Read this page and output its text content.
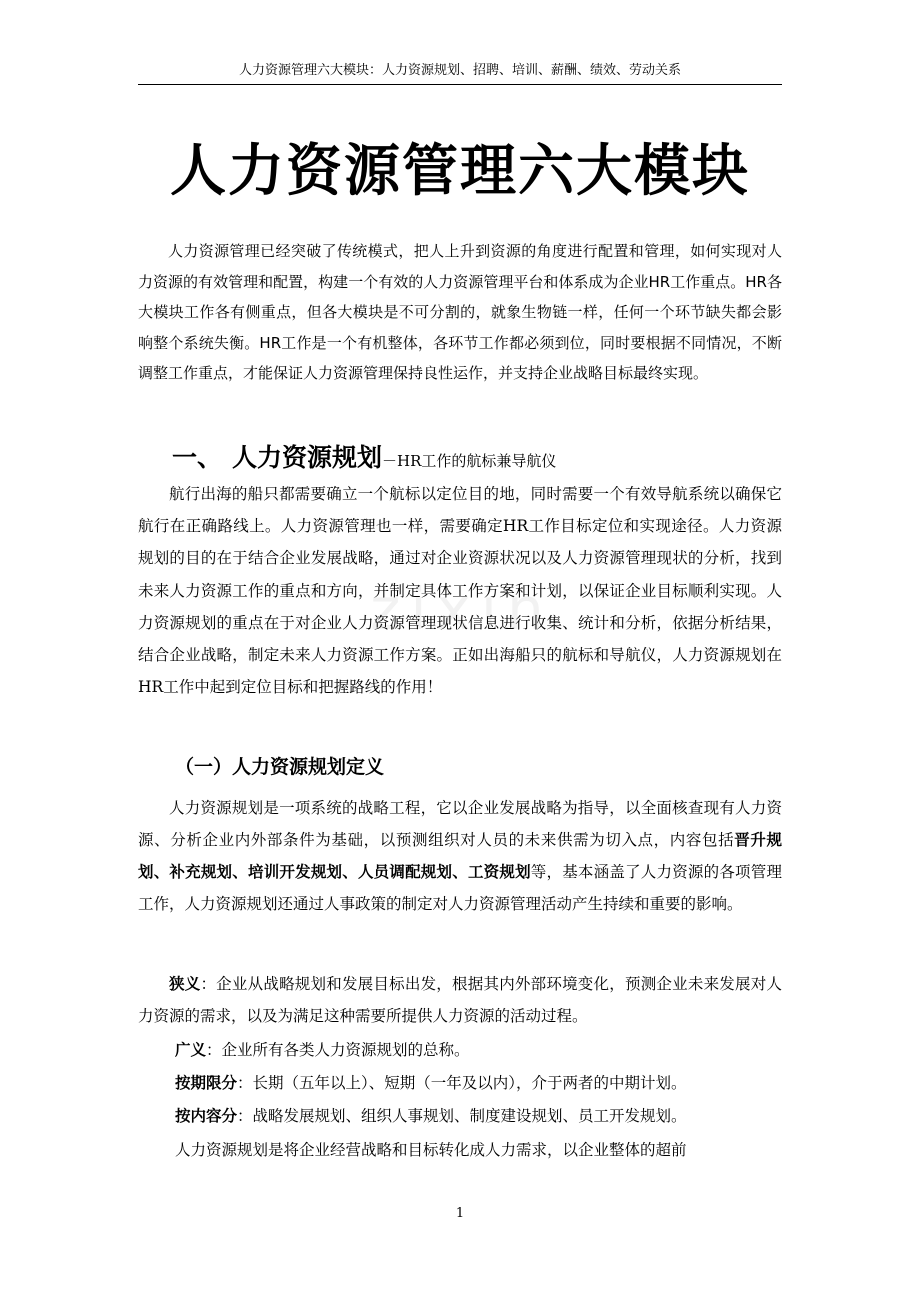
人力资源管理六大模块：人力资源规划、招聘、培训、薪酬、绩效、劳动关系
人力资源管理六大模块

人力资源管理已经突破了传统模式，把人上升到资源的角度进行配置和管理，如何实现对人力资源的有效管理和配置，构建一个有效的人力资源管理平台和体系成为企业HR工作重点。HR各大模块工作各有侧重点，但各大模块是不可分割的，就象生物链一样，任何一个环节缺失都会影响整个系统失衡。HR工作是一个有机整体，各环节工作都必须到位，同时要根据不同情况，不断调整工作重点，才能保证人力资源管理保持良性运作，并支持企业战略目标最终实现。

一、 人力资源规划－HR工作的航标兼导航仪

航行出海的船只都需要确立一个航标以定位目的地，同时需要一个有效导航系统以确保它航行在正确路线上。人力资源管理也一样，需要确定HR工作目标定位和实现途径。人力资源规划的目的在于结合企业发展战略，通过对企业资源状况以及人力资源管理现状的分析，找到未来人力资源工作的重点和方向，并制定具体工作方案和计划，以保证企业目标顺利实现。人力资源规划的重点在于对企业人力资源管理现状信息进行收集、统计和分析，依据分析结果，结合企业战略，制定未来人力资源工作方案。正如出海船只的航标和导航仪，人力资源规划在HR工作中起到定位目标和把握路线的作用！

zixin
（一）人力资源规划定义

人力资源规划是一项系统的战略工程，它以企业发展战略为指导，以全面核查现有人力资源、分析企业内外部条件为基础，以预测组织对人员的未来供需为切入点，内容包括晋升规划、补充规划、培训开发规划、人员调配规划、工资规划等，基本涵盖了人力资源的各项管理工作，人力资源规划还通过人事政策的制定对人力资源管理活动产生持续和重要的影响。

狭义：企业从战略规划和发展目标出发，根据其内外部环境变化，预测企业未来发展对人力资源的需求，以及为满足这种需要所提供人力资源的活动过程。

广义：企业所有各类人力资源规划的总称。

按期限分：长期（五年以上）、短期（一年及以内），介于两者的中期计划。

按内容分：战略发展规划、组织人事规划、制度建设规划、员工开发规划。

人力资源规划是将企业经营战略和目标转化成人力需求，以企业整体的超前

1
